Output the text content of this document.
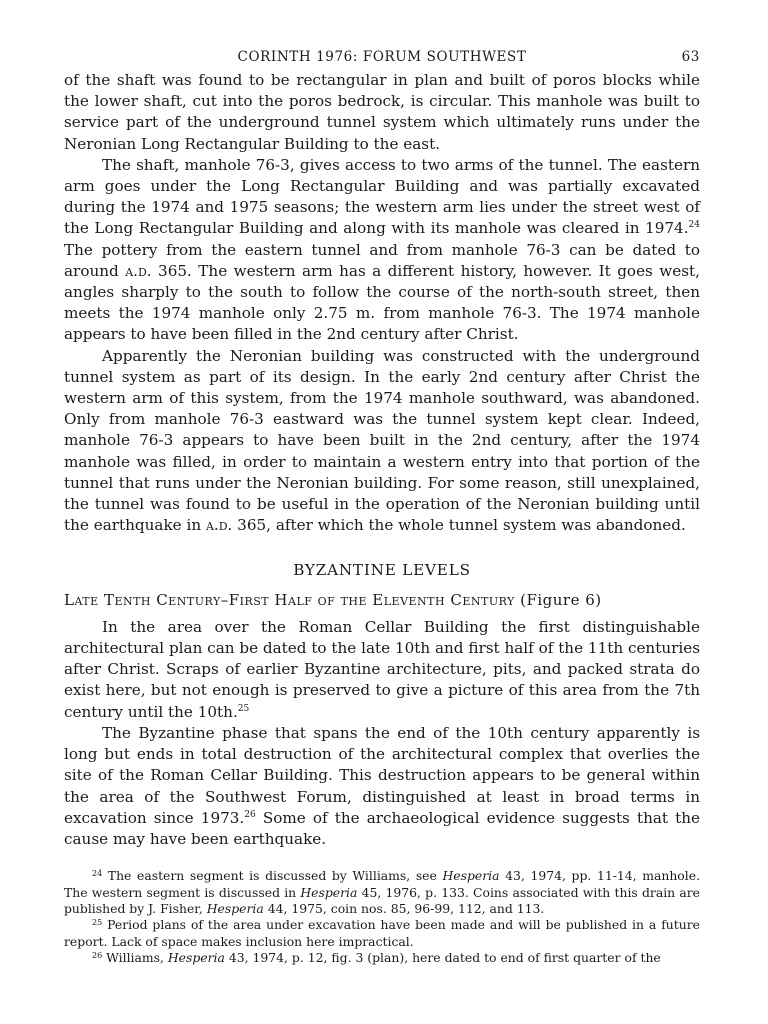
CORINTH 1976: FORUM SOUTHWEST	63

of the shaft was found to be rectangular in plan and built of poros blocks while the lower shaft, cut into the poros bedrock, is circular. This manhole was built to service part of the underground tunnel system which ultimately runs under the Neronian Long Rectangular Building to the east.

The shaft, manhole 76-3, gives access to two arms of the tunnel. The eastern arm goes under the Long Rectangular Building and was partially excavated during the 1974 and 1975 seasons; the western arm lies under the street west of the Long Rectangular Building and along with its manhole was cleared in 1974.24 The pottery from the eastern tunnel and from manhole 76-3 can be dated to around a.d. 365. The western arm has a different history, however. It goes west, angles sharply to the south to follow the course of the north-south street, then meets the 1974 manhole only 2.75 m. from manhole 76-3. The 1974 manhole appears to have been filled in the 2nd century after Christ.

Apparently the Neronian building was constructed with the underground tunnel system as part of its design. In the early 2nd century after Christ the western arm of this system, from the 1974 manhole southward, was abandoned. Only from manhole 76-3 eastward was the tunnel system kept clear. Indeed, manhole 76-3 appears to have been built in the 2nd century, after the 1974 manhole was filled, in order to maintain a western entry into that portion of the tunnel that runs under the Neronian building. For some reason, still unexplained, the tunnel was found to be useful in the operation of the Neronian building until the earthquake in a.d. 365, after which the whole tunnel system was abandoned.

BYZANTINE LEVELS
Late Tenth Century–First Half of the Eleventh Century (Figure 6)

In the area over the Roman Cellar Building the first distinguishable architectural plan can be dated to the late 10th and first half of the 11th centuries after Christ. Scraps of earlier Byzantine architecture, pits, and packed strata do exist here, but not enough is preserved to give a picture of this area from the 7th century until the 10th.$^{25}$

The Byzantine phase that spans the end of the 10th century apparently is long but ends in total destruction of the architectural complex that overlies the site of the Roman Cellar Building. This destruction appears to be general within the area of the Southwest Forum, distinguished at least in broad terms in excavation since 1973.26 Some of the archaeological evidence suggests that the cause may have been earthquake.

$^{24}$ The eastern segment is discussed by Williams, see Hesperia 43, 1974, pp. 11-14, manhole. The western segment is discussed in Hesperia 45, 1976, p. 133. Coins associated with this drain are published by J. Fisher, Hesperia 44, 1975, coin nos. 85, 96-99, 112, and 113.

$^{25}$ Period plans of the area under excavation have been made and will be published in a future report. Lack of space makes inclusion here impractical.

$^{26}$ Williams, Hesperia 43, 1974, p. 12, fig. 3 (plan), here dated to end of first quarter of the
